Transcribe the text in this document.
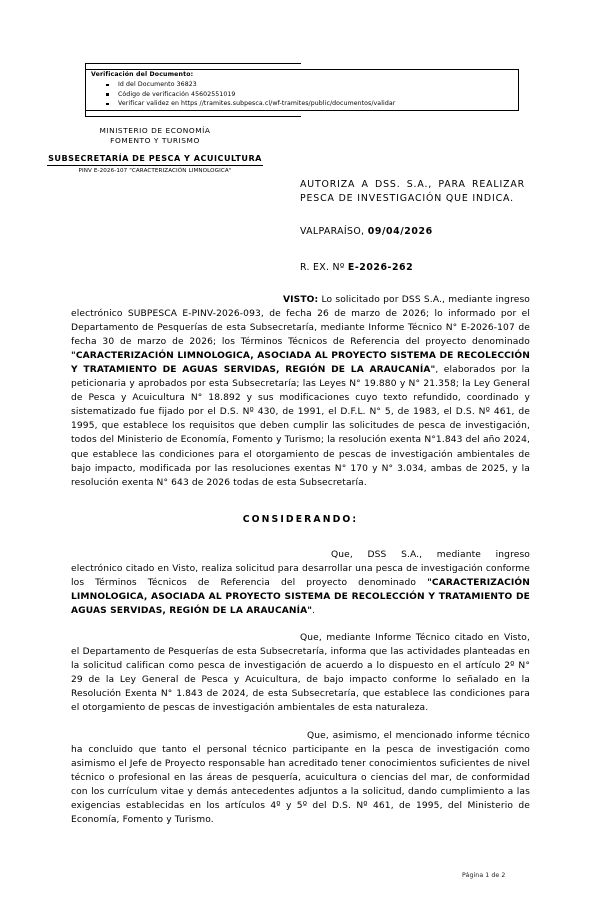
Verificación del Documento:
Id del Documento 36823
Código de verificación 45602551019
Verificar validez en https //tramites.subpesca.cl/wf-tramites/public/documentos/validar
MINISTERIO DE ECONOMÍA
FOMENTO Y TURISMO
SUBSECRETARÍA DE PESCA Y ACUICULTURA
PINV E-2026-107 "CARACTERIZACIÓN LIMNOLOGICA"
AUTORIZA A DSS. S.A., PARA REALIZAR PESCA DE INVESTIGACIÓN QUE INDICA.
VALPARAÍSO, 09/04/2026
R. EX. Nº E-2026-262

VISTO: Lo solicitado por DSS S.A., mediante ingreso electrónico SUBPESCA E-PINV-2026-093, de fecha 26 de marzo de 2026; lo informado por el Departamento de Pesquerías de esta Subsecretaría, mediante Informe Técnico N° E-2026-107 de fecha 30 de marzo de 2026; los Términos Técnicos de Referencia del proyecto denominado "CARACTERIZACIÓN LIMNOLOGICA, ASOCIADA AL PROYECTO SISTEMA DE RECOLECCIÓN Y TRATAMIENTO DE AGUAS SERVIDAS, REGIÓN DE LA ARAUCANÍA", elaborados por la peticionaria y aprobados por esta Subsecretaría; las Leyes N° 19.880 y N° 21.358; la Ley General de Pesca y Acuicultura N° 18.892 y sus modificaciones cuyo texto refundido, coordinado y sistematizado fue fijado por el D.S. Nº 430, de 1991, el D.F.L. N° 5, de 1983, el D.S. Nº 461, de 1995, que establece los requisitos que deben cumplir las solicitudes de pesca de investigación, todos del Ministerio de Economía, Fomento y Turismo; la resolución exenta N°1.843 del año 2024, que establece las condiciones para el otorgamiento de pescas de investigación ambientales de bajo impacto, modificada por las resoluciones exentas N° 170 y N° 3.034, ambas de 2025, y la resolución exenta N° 643 de 2026 todas de esta Subsecretaría.

CONSIDERANDO:

Que, DSS S.A., mediante ingreso electrónico citado en Visto, realiza solicitud para desarrollar una pesca de investigación conforme los Términos Técnicos de Referencia del proyecto denominado "CARACTERIZACIÓN LIMNOLOGICA, ASOCIADA AL PROYECTO SISTEMA DE RECOLECCIÓN Y TRATAMIENTO DE AGUAS SERVIDAS, REGIÓN DE LA ARAUCANÍA".

Que, mediante Informe Técnico citado en Visto, el Departamento de Pesquerías de esta Subsecretaría, informa que las actividades planteadas en la solicitud califican como pesca de investigación de acuerdo a lo dispuesto en el artículo 2º N° 29 de la Ley General de Pesca y Acuicultura, de bajo impacto conforme lo señalado en la Resolución Exenta N° 1.843 de 2024, de esta Subsecretaría, que establece las condiciones para el otorgamiento de pescas de investigación ambientales de esta naturaleza.

Que, asimismo, el mencionado informe técnico ha concluido que tanto el personal técnico participante en la pesca de investigación como asimismo el Jefe de Proyecto responsable han acreditado tener conocimientos suficientes de nivel técnico o profesional en las áreas de pesquería, acuicultura o ciencias del mar, de conformidad con los currículum vitae y demás antecedentes adjuntos a la solicitud, dando cumplimiento a las exigencias establecidas en los artículos 4º y 5º del D.S. Nº 461, de 1995, del Ministerio de Economía, Fomento y Turismo.

Página 1 de 2
